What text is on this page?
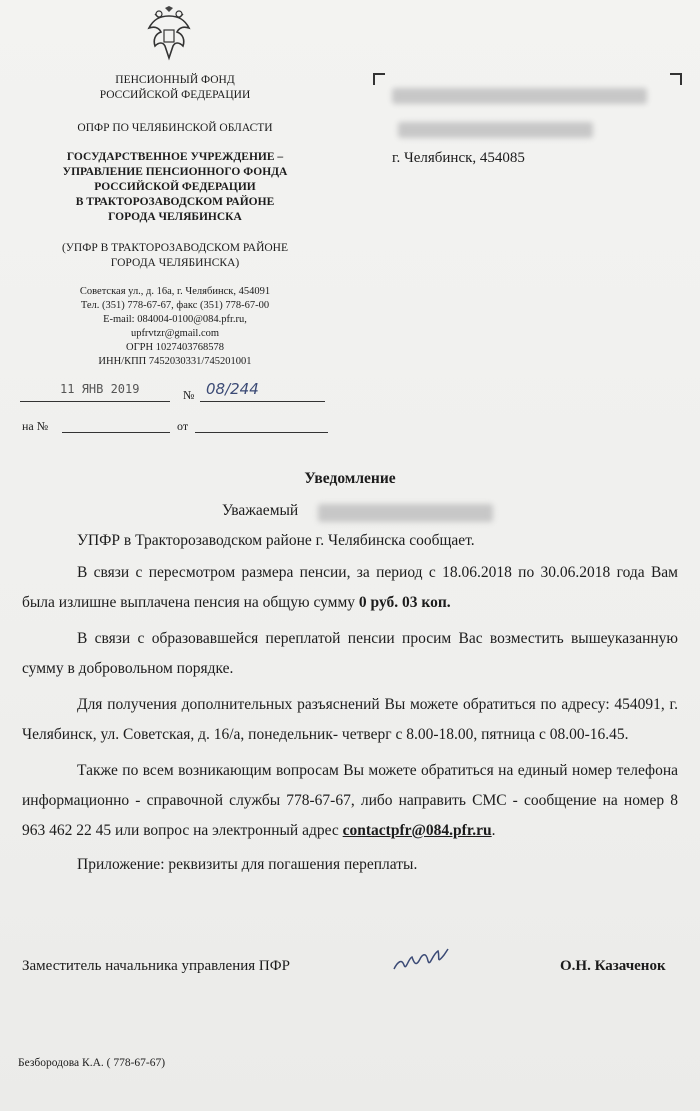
ПЕНСИОННЫЙ ФОНД
РОССИЙСКОЙ ФЕДЕРАЦИИ
ОПФР ПО ЧЕЛЯБИНСКОЙ ОБЛАСТИ
ГОСУДАРСТВЕННОЕ УЧРЕЖДЕНИЕ –
УПРАВЛЕНИЕ ПЕНСИОННОГО ФОНДА
РОССИЙСКОЙ ФЕДЕРАЦИИ
В ТРАКТОРОЗАВОДСКОМ РАЙОНЕ
ГОРОДА ЧЕЛЯБИНСКА
(УПФР В ТРАКТОРОЗАВОДСКОМ РАЙОНЕ
ГОРОДА ЧЕЛЯБИНСКА)
Советская ул., д. 16а, г. Челябинск, 454091
Тел. (351) 778-67-67, факс (351) 778-67-00
E-mail: 084004-0100@084.pfr.ru,
upfrvtzr@gmail.com
ОГРН 1027403768578
ИНН/КПП 7452030331/745201001
11 ЯНВ 2019	№ 08/244
на №	от
г. Челябинск, 454085
Уведомление
Уважаемый

УПФР в Тракторозаводском районе г. Челябинска сообщает.

В связи с пересмотром размера пенсии, за период с 18.06.2018 по 30.06.2018 года Вам была излишне выплачена пенсия на общую сумму 0 руб. 03 коп.

В связи с образовавшейся переплатой пенсии просим Вас возместить вышеуказанную сумму в добровольном порядке.

Для получения дополнительных разъяснений Вы можете обратиться по адресу: 454091, г. Челябинск, ул. Советская, д. 16/а, понедельник- четверг с 8.00-18.00, пятница с 08.00-16.45.

Также по всем возникающим вопросам Вы можете обратиться на единый номер телефона информационно - справочной службы 778-67-67, либо направить СМС - сообщение на номер 8 963 462 22 45 или вопрос на электронный адрес contactpfr@084.pfr.ru.

Приложение: реквизиты для погашения переплаты.

Заместитель начальника управления ПФР	О.Н. Казаченок
Безбородова К.А. ( 778-67-67)
